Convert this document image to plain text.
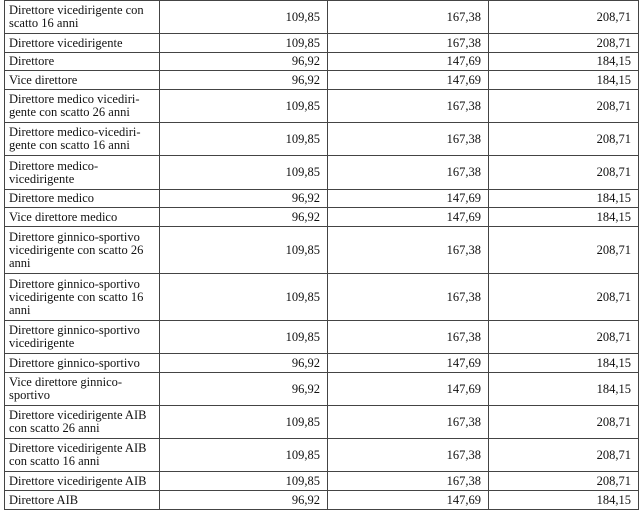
Direttore vicedirigente con scatto 16 anni	109,85	167,38	208,71
Direttore vicedirigente	109,85	167,38	208,71
Direttore	96,92	147,69	184,15
Vice direttore	96,92	147,69	184,15
Direttore medico vicediri-gente con scatto 26 anni	109,85	167,38	208,71
Direttore medico-vicediri-gente con scatto 16 anni	109,85	167,38	208,71
Direttore medico-vicedirigente	109,85	167,38	208,71
Direttore medico	96,92	147,69	184,15
Vice direttore medico	96,92	147,69	184,15
Direttore ginnico-sportivo vicedirigente con scatto 26 anni	109,85	167,38	208,71
Direttore ginnico-sportivo vicedirigente con scatto 16 anni	109,85	167,38	208,71
Direttore ginnico-sportivo vicedirigente	109,85	167,38	208,71
Direttore ginnico-sportivo	96,92	147,69	184,15
Vice direttore ginnico-sportivo	96,92	147,69	184,15
Direttore vicedirigente AIB con scatto 26 anni	109,85	167,38	208,71
Direttore vicedirigente AIB con scatto 16 anni	109,85	167,38	208,71
Direttore vicedirigente AIB	109,85	167,38	208,71
Direttore AIB	96,92	147,69	184,15
